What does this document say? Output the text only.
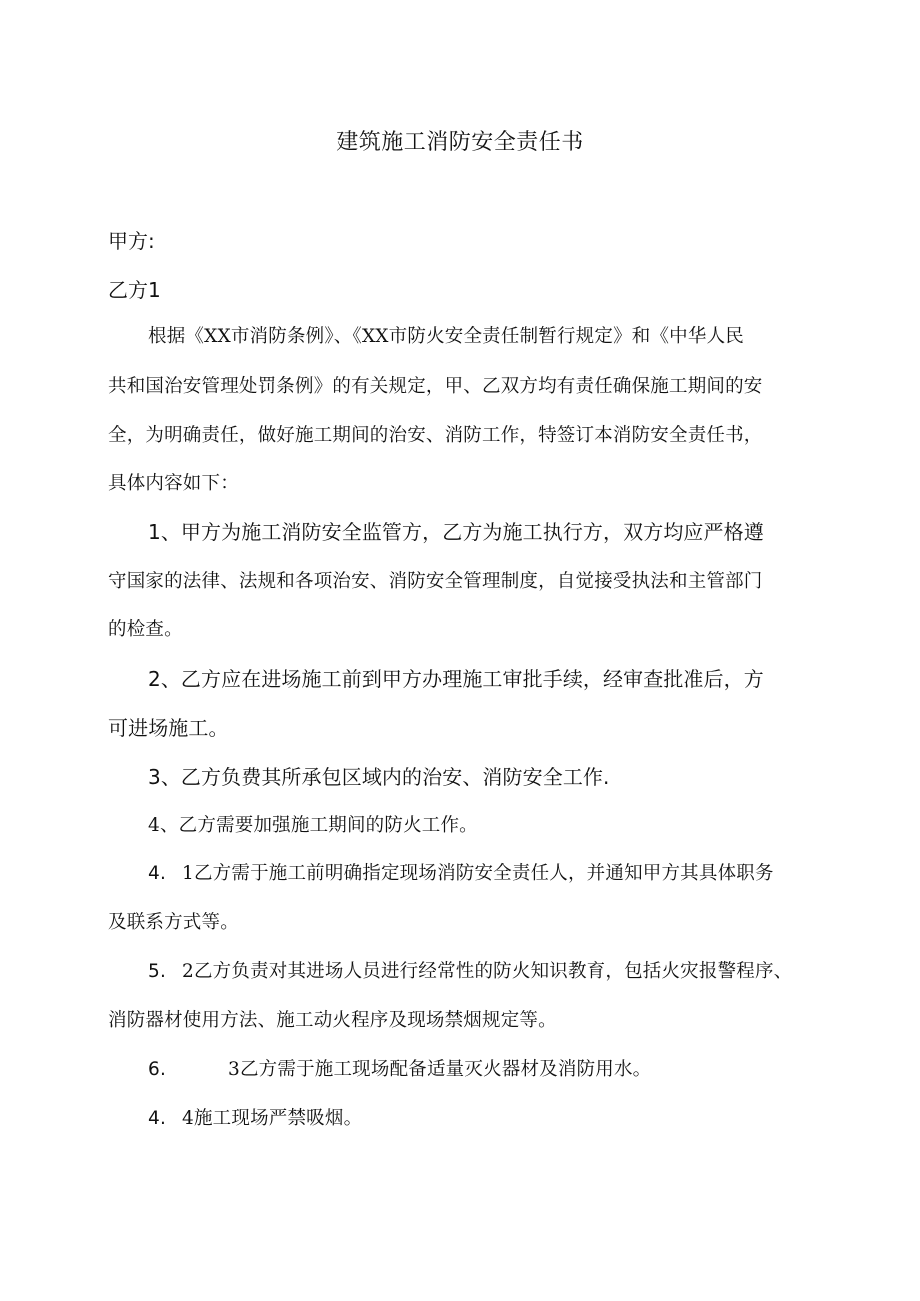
建筑施工消防安全责任书
甲方:
乙方1
根据《XX市消防条例》、《XX市防火安全责任制暂行规定》和《中华人民
共和国治安管理处罚条例》的有关规定，甲、乙双方均有责任确保施工期间的安
全，为明确责任，做好施工期间的治安、消防工作，特签订本消防安全责任书，
具体内容如下：
1、甲方为施工消防安全监管方，乙方为施工执行方，双方均应严格遵
守国家的法律、法规和各项治安、消防安全管理制度，自觉接受执法和主管部门
的检查。
2、乙方应在进场施工前到甲方办理施工审批手续，经审查批准后，方
可进场施工。
3、乙方负费其所承包区域内的治安、消防安全工作.
4、乙方需要加强施工期间的防火工作。
4. 1乙方需于施工前明确指定现场消防安全责任人，并通知甲方其具体职务
及联系方式等。
5. 2乙方负责对其进场人员进行经常性的防火知识教育，包括火灾报警程序、
消防器材使用方法、施工动火程序及现场禁烟规定等。
6.	3乙方需于施工现场配备适量灭火器材及消防用水。
4. 4施工现场严禁吸烟。
